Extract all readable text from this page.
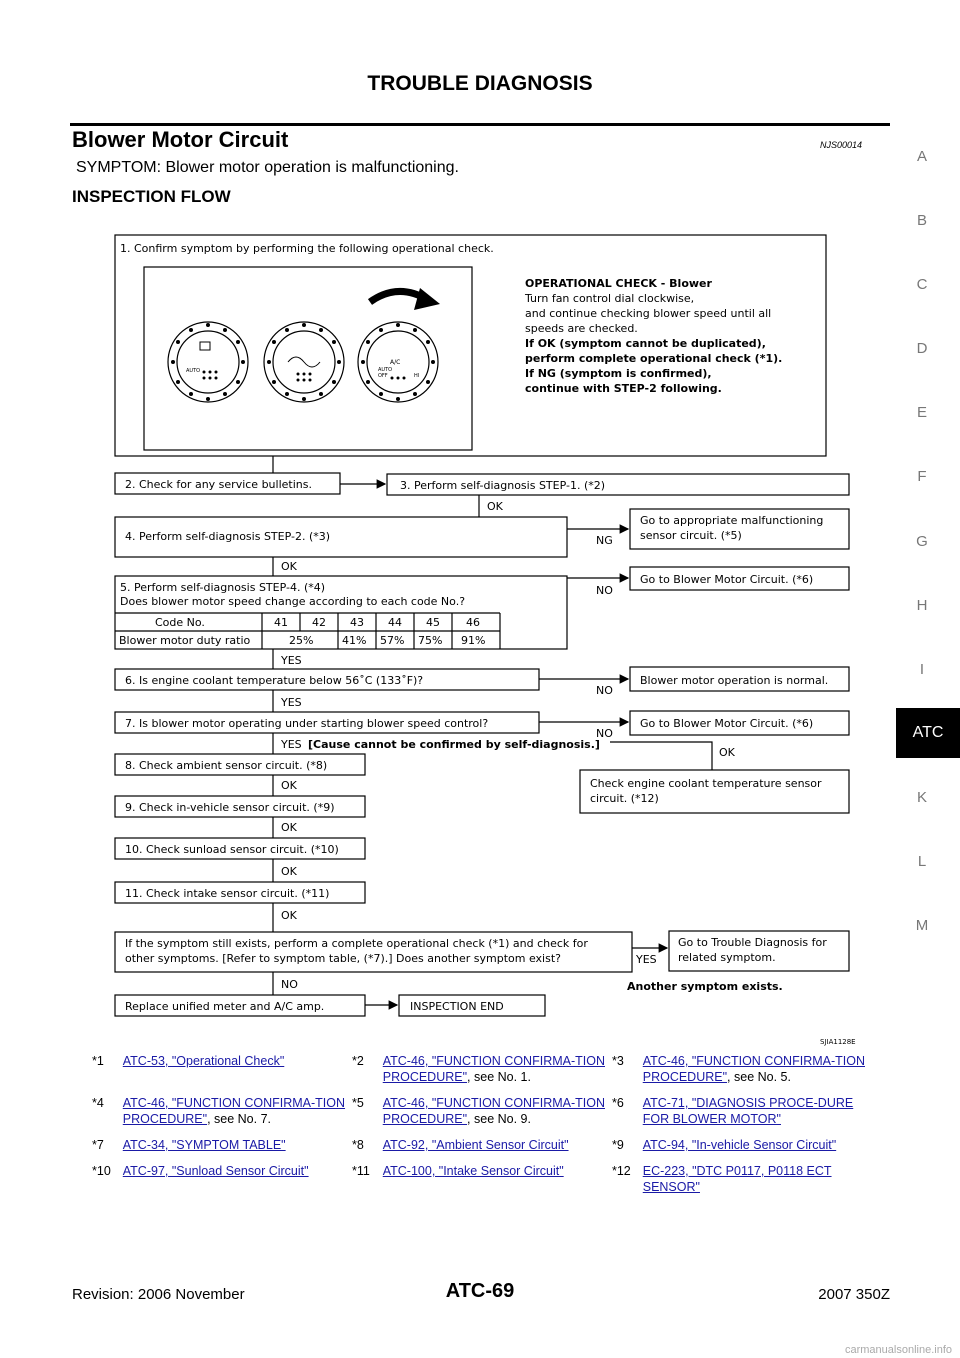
TROUBLE DIAGNOSIS
Blower Motor Circuit	NJS00014
SYMPTOM: Blower motor operation is malfunctioning.
INSPECTION FLOW
A
B
C
D
E
F
G
H
I
ATC
K
L
M
1. Confirm symptom by performing the following operational check.
AUTO
A/C
AUTO
OFF	HI
OPERATIONAL CHECK - Blower
Turn fan control dial clockwise,
and continue checking blower speed until all
speeds are checked.
If OK (symptom cannot be duplicated),
perform complete operational check (*1).
If NG (symptom is confirmed),
continue with STEP-2 following.
2. Check for any service bulletins.	3. Perform self-diagnosis STEP-1. (*2)
OK
4. Perform self-diagnosis STEP-2. (*3)	NG
Go to appropriate malfunctioning
sensor circuit. (*5)
OK
5. Perform self-diagnosis STEP-4. (*4)
Does blower motor speed change according to each code No.?
Code No.	41 42 43 44 45 46
Blower motor duty ratio	25%	41% 57% 75% 91%
NO
Go to Blower Motor Circuit. (*6)
YES
6. Is engine coolant temperature below 56˚C (133˚F)?
NO
Blower motor operation is normal.
YES
7. Is blower motor operating under starting blower speed control?
NO
Go to Blower Motor Circuit. (*6)
YES [Cause cannot be confirmed by self-diagnosis.]
OK
8. Check ambient sensor circuit. (*8)
Check engine coolant temperature sensor
circuit. (*12)
OK
9. Check in-vehicle sensor circuit. (*9)
OK
10. Check sunload sensor circuit. (*10)
OK
11. Check intake sensor circuit. (*11)
OK
If the symptom still exists, perform a complete operational check (*1) and check for
other symptoms. [Refer to symptom table, (*7).] Does another symptom exist?	YES
Go to Trouble Diagnosis for
related symptom.
Another symptom exists.
NO
Replace unified meter and A/C amp.	INSPECTION END
SJIA1128E
*1	ATC-53, "Operational Check"	*2	ATC-46, "FUNCTION CONFIRMA-TION PROCEDURE", see No. 1.	*3	ATC-46, "FUNCTION CONFIRMA-TION PROCEDURE", see No. 5.
*4	ATC-46, "FUNCTION CONFIRMA-TION PROCEDURE", see No. 7.	*5	ATC-46, "FUNCTION CONFIRMA-TION PROCEDURE", see No. 9.	*6	ATC-71, "DIAGNOSIS PROCE-DURE FOR BLOWER MOTOR"
*7	ATC-34, "SYMPTOM TABLE"	*8	ATC-92, "Ambient Sensor Circuit"	*9	ATC-94, "In-vehicle Sensor Circuit"
*10	ATC-97, "Sunload Sensor Circuit"	*11	ATC-100, "Intake Sensor Circuit"	*12	EC-223, "DTC P0117, P0118 ECT SENSOR"
Revision: 2006 November	ATC-69	2007 350Z
carmanualsonline.info
